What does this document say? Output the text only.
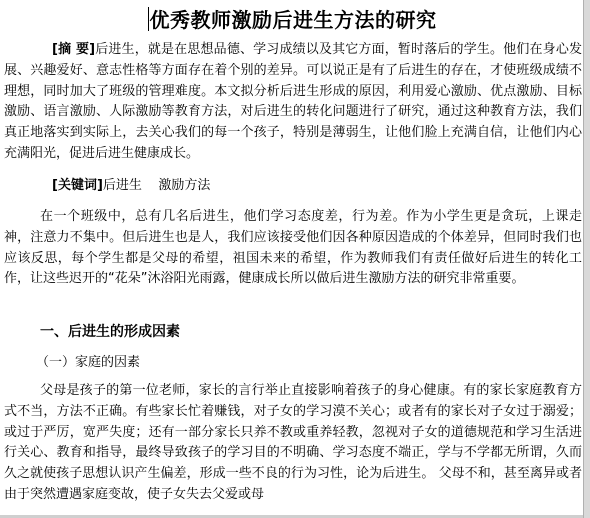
优秀教师激励后进生方法的研究
[摘 要]后进生，就是在思想品德、学习成绩以及其它方面，暂时落后的学生。他们在身心发展、兴趣爱好、意志性格等方面存在着个别的差异。可以说正是有了后进生的存在，才使班级成绩不理想，同时加大了班级的管理难度。本文拟分析后进生形成的原因，利用爱心激励、优点激励、目标激励、语言激励、人际激励等教育方法，对后进生的转化问题进行了研究，通过这种教育方法，我们真正地落实到实际上，去关心我们的每一个孩子，特别是薄弱生，让他们脸上充满自信，让他们内心充满阳光，促进后进生健康成长。
[关键词]后进生    激励方法
在一个班级中，总有几名后进生，他们学习态度差，行为差。作为小学生更是贪玩，上课走神，注意力不集中。但后进生也是人，我们应该接受他们因各种原因造成的个体差异，但同时我们也应该反思，每个学生都是父母的希望，祖国未来的希望，作为教师我们有责任做好后进生的转化工作，让这些迟开的“花朵”沐浴阳光雨露，健康成长所以做后进生激励方法的研究非常重要。
一、后进生的形成因素
（一）家庭的因素
父母是孩子的第一位老师，家长的言行举止直接影响着孩子的身心健康。有的家长家庭教育方式不当，方法不正确。有些家长忙着赚钱，对子女的学习漠不关心；或者有的家长对子女过于溺爱；或过于严厉，宽严失度；还有一部分家长只养不教或重养轻教，忽视对子女的道德规范和学习生活进行关心、教育和指导，最终导致孩子的学习目的不明确、学习态度不端正，学与不学都无所谓，久而久之就使孩子思想认识产生偏差，形成一些不良的行为习性，论为后进生。 父母不和，甚至离异或者由于突然遭遇家庭变故，使子女失去父爱或母
